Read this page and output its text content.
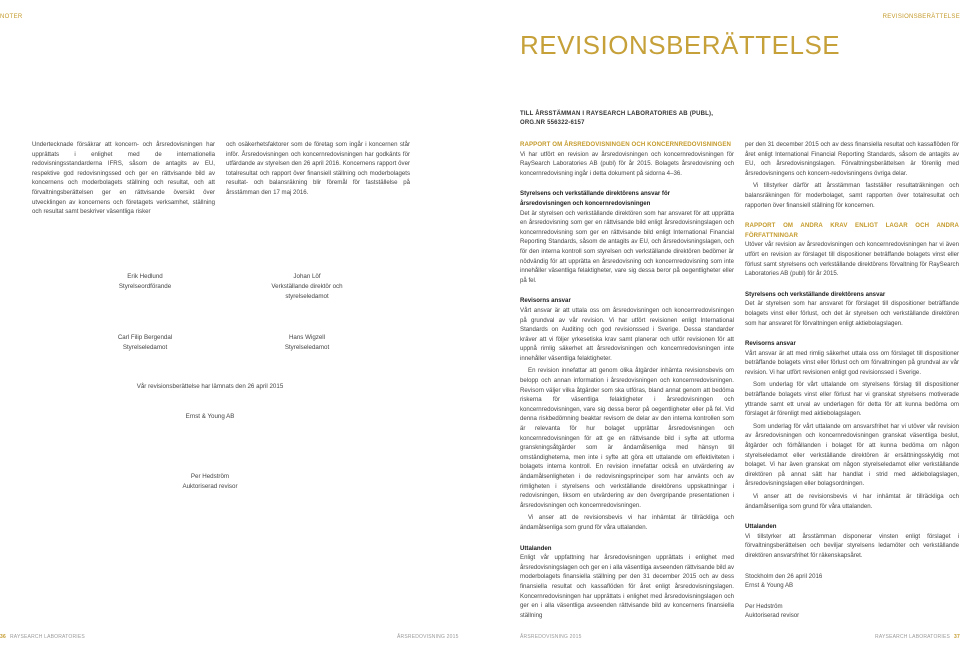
NOTER	REVISIONSBERÄTTELSE
REVISIONSBERÄTTELSE
TILL ÅRSSTÄMMAN I RAYSEARCH LABORATORIES AB (PUBL),
ORG.NR 556322-6157

Undertecknade försäkrar att koncern- och årsredovisningen har upprättats i enlighet med de internationella redovisningsstandarderna IFRS, såsom de antagits av EU, respektive god redovisningssed och ger en rättvisande bild av koncernens och moderbolagets ställning och resultat, och att förvaltningsberättelsen ger en rättvisande översikt över utvecklingen av koncernens och företagets verksamhet, ställning och resultat samt beskriver väsentliga risker

och osäkerhetsfaktorer som de företag som ingår i koncernen står inför. Årsredovisningen och koncernredovisningen har godkänts för utfärdande av styrelsen den 26 april 2016. Koncernens rapport över totalresultat och rapport över finansiell ställning och moderbolagets resultat- och balansräkning blir föremål för fastställelse på årsstämman den 17 maj 2016.

Erik Hedlund
Styrelseordförande
Johan Löf
Verkställande direktör och
styrelseledamot
Carl Filip Bergendal
Styrelseledamot
Hans Wigzell
Styrelseledamot
Vår revisionsberättelse har lämnats den 26 april 2015
Ernst & Young AB
Per Hedström
Auktoriserad revisor

RAPPORT OM ÅRSREDOVISNINGEN OCH KONCERNREDOVISNINGEN

Vi har utfört en revision av årsredovisningen och koncernredovisningen för RaySearch Laboratories AB (publ) för år 2015. Bolagets årsredovisning och koncernredovisning ingår i detta dokument på sidorna 4–36.

Styrelsens och verkställande direktörens ansvar för

årsredovisningen och koncernredovisningen

Det är styrelsen och verkställande direktören som har ansvaret för att upprätta en årsredovisning som ger en rättvisande bild enligt årsredovisningslagen och koncernredovisning som ger en rättvisande bild enligt International Financial Reporting Standards, såsom de antagits av EU, och årsredovisningslagen, och för den interna kontroll som styrelsen och verkställande direktören bedömer är nödvändig för att upprätta en årsredovisning och koncernredovisning som inte innehåller väsentliga felaktigheter, vare sig dessa beror på oegentligheter eller på fel.

Revisorns ansvar

Vårt ansvar är att uttala oss om årsredovisningen och koncernredovisningen på grundval av vår revision. Vi har utfört revisionen enligt International Standards on Auditing och god revisionssed i Sverige. Dessa standarder kräver att vi följer yrkesetiska krav samt planerar och utför revisionen för att uppnå rimlig säkerhet att årsredovisningen och koncernredovisningen inte innehåller väsentliga felaktigheter.

En revision innefattar att genom olika åtgärder inhämta revisionsbevis om belopp och annan information i årsredovisningen och koncernredovisningen. Revisorn väljer vilka åtgärder som ska utföras, bland annat genom att bedöma riskerna för väsentliga felaktigheter i årsredovisningen och koncernredovisningen, vare sig dessa beror på oegentligheter eller på fel. Vid denna riskbedömning beaktar revisorn de delar av den interna kontrollen som är relevanta för hur bolaget upprättar årsredovisningen och koncernredovisningen för att ge en rättvisande bild i syfte att utforma granskningsåtgärder som är ändamålsenliga med hänsyn till omständigheterna, men inte i syfte att göra ett uttalande om effektiviteten i bolagets interna kontroll. En revision innefattar också en utvärdering av ändamålsenligheten i de redovisningsprinciper som har använts och av rimligheten i styrelsens och verkställande direktörens uppskattningar i redovisningen, liksom en utvärdering av den övergripande presentationen i årsredovisningen och koncernredovisningen.

Vi anser att de revisionsbevis vi har inhämtat är tillräckliga och ändamålsenliga som grund för våra uttalanden.

Uttalanden

Enligt vår uppfattning har årsredovisningen upprättats i enlighet med årsredovisningslagen och ger en i alla väsentliga avseenden rättvisande bild av moderbolagets finansiella ställning per den 31 december 2015 och av dess finansiella resultat och kassaflöden för året enligt årsredovisningslagen. Koncernredovisningen har upprättats i enlighet med årsredovisningslagen och ger en i alla väsentliga avseenden rättvisande bild av koncernens finansiella ställning

per den 31 december 2015 och av dess finansiella resultat och kassaflöden för året enligt International Financial Reporting Standards, såsom de antagits av EU, och årsredovisningslagen. Förvaltningsberättelsen är förenlig med årsredovisningens och koncern-redovisningens övriga delar.

Vi tillstyrker därför att årsstämman fastställer resultaträkningen och balansräkningen för moderbolaget, samt rapporten över totalresultat och rapporten över finansiell ställning för koncernen.

RAPPORT OM ANDRA KRAV ENLIGT LAGAR OCH ANDRA FÖRFATTNINGAR

Utöver vår revision av årsredovisningen och koncernredovisningen har vi även utfört en revision av förslaget till dispositioner beträffande bolagets vinst eller förlust samt styrelsens och verkställande direktörens förvaltning för RaySearch Laboratories AB (publ) för år 2015.

Styrelsens och verkställande direktörens ansvar

Det är styrelsen som har ansvaret för förslaget till dispositioner beträffande bolagets vinst eller förlust, och det är styrelsen och verkställande direktören som har ansvaret för förvaltningen enligt aktiebolagslagen.

Revisorns ansvar

Vårt ansvar är att med rimlig säkerhet uttala oss om förslaget till dispositioner beträffande bolagets vinst eller förlust och om förvaltningen på grundval av vår revision. Vi har utfört revisionen enligt god revisionssed i Sverige.

Som underlag för vårt uttalande om styrelsens förslag till dispositioner beträffande bolagets vinst eller förlust har vi granskat styrelsens motiverade yttrande samt ett urval av underlagen för detta för att kunna bedöma om förslaget är förenligt med aktiebolagslagen.

Som underlag för vårt uttalande om ansvarsfrihet har vi utöver vår revision av årsredovisningen och koncernredovisningen granskat väsentliga beslut, åtgärder och förhållanden i bolaget för att kunna bedöma om någon styrelseledamot eller verkställande direktören är ersättningsskyldig mot bolaget. Vi har även granskat om någon styrelseledamot eller verkställande direktören på annat sätt har handlat i strid med aktiebolagslagen, årsredovisningslagen eller bolagsordningen.

Vi anser att de revisionsbevis vi har inhämtat är tillräckliga och ändamålsenliga som grund för våra uttalanden.

Uttalanden

Vi tillstyrker att årsstämman disponerar vinsten enligt förslaget i förvaltningsberättelsen och beviljar styrelsens ledamöter och verkställande direktören ansvarsfrihet för räkenskapsåret.

Stockholm den 26 april 2016

Ernst & Young AB

Per Hedström

Auktoriserad revisor

36 RAYSEARCH LABORATORIES	ÅRSREDOVISNING 2015	ÅRSREDOVISNING 2015	RAYSEARCH LABORATORIES 37
